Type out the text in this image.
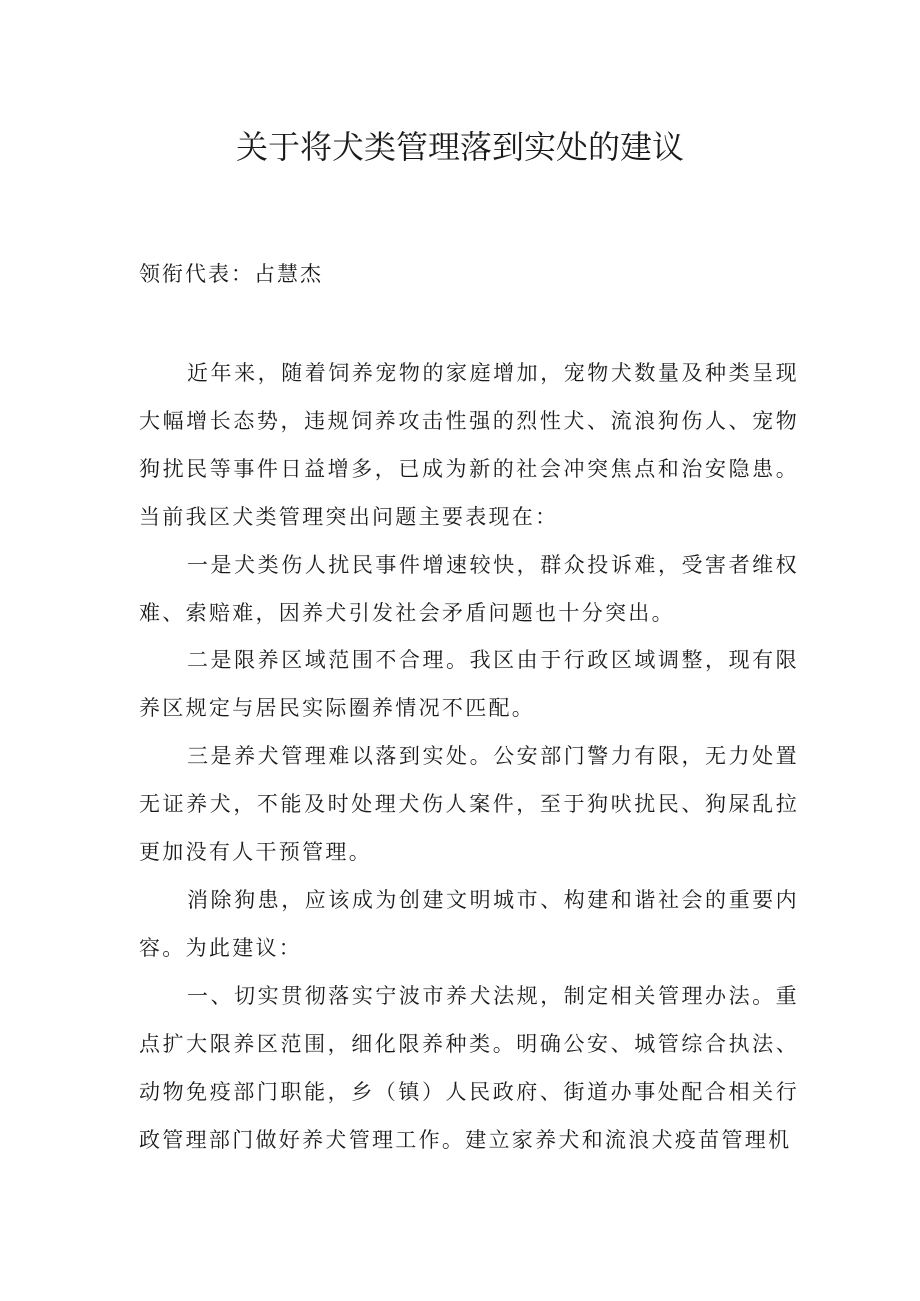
关于将犬类管理落到实处的建议

领衔代表：占慧杰

近年来，随着饲养宠物的家庭增加，宠物犬数量及种类呈现大幅增长态势，违规饲养攻击性强的烈性犬、流浪狗伤人、宠物狗扰民等事件日益增多，已成为新的社会冲突焦点和治安隐患。当前我区犬类管理突出问题主要表现在：

一是犬类伤人扰民事件增速较快，群众投诉难，受害者维权难、索赔难，因养犬引发社会矛盾问题也十分突出。

二是限养区域范围不合理。我区由于行政区域调整，现有限养区规定与居民实际圈养情况不匹配。

三是养犬管理难以落到实处。公安部门警力有限，无力处置无证养犬，不能及时处理犬伤人案件，至于狗吠扰民、狗屎乱拉更加没有人干预管理。

消除狗患，应该成为创建文明城市、构建和谐社会的重要内容。为此建议：

一、切实贯彻落实宁波市养犬法规，制定相关管理办法。重点扩大限养区范围，细化限养种类。明确公安、城管综合执法、动物免疫部门职能，乡（镇）人民政府、街道办事处配合相关行政管理部门做好养犬管理工作。建立家养犬和流浪犬疫苗管理机
